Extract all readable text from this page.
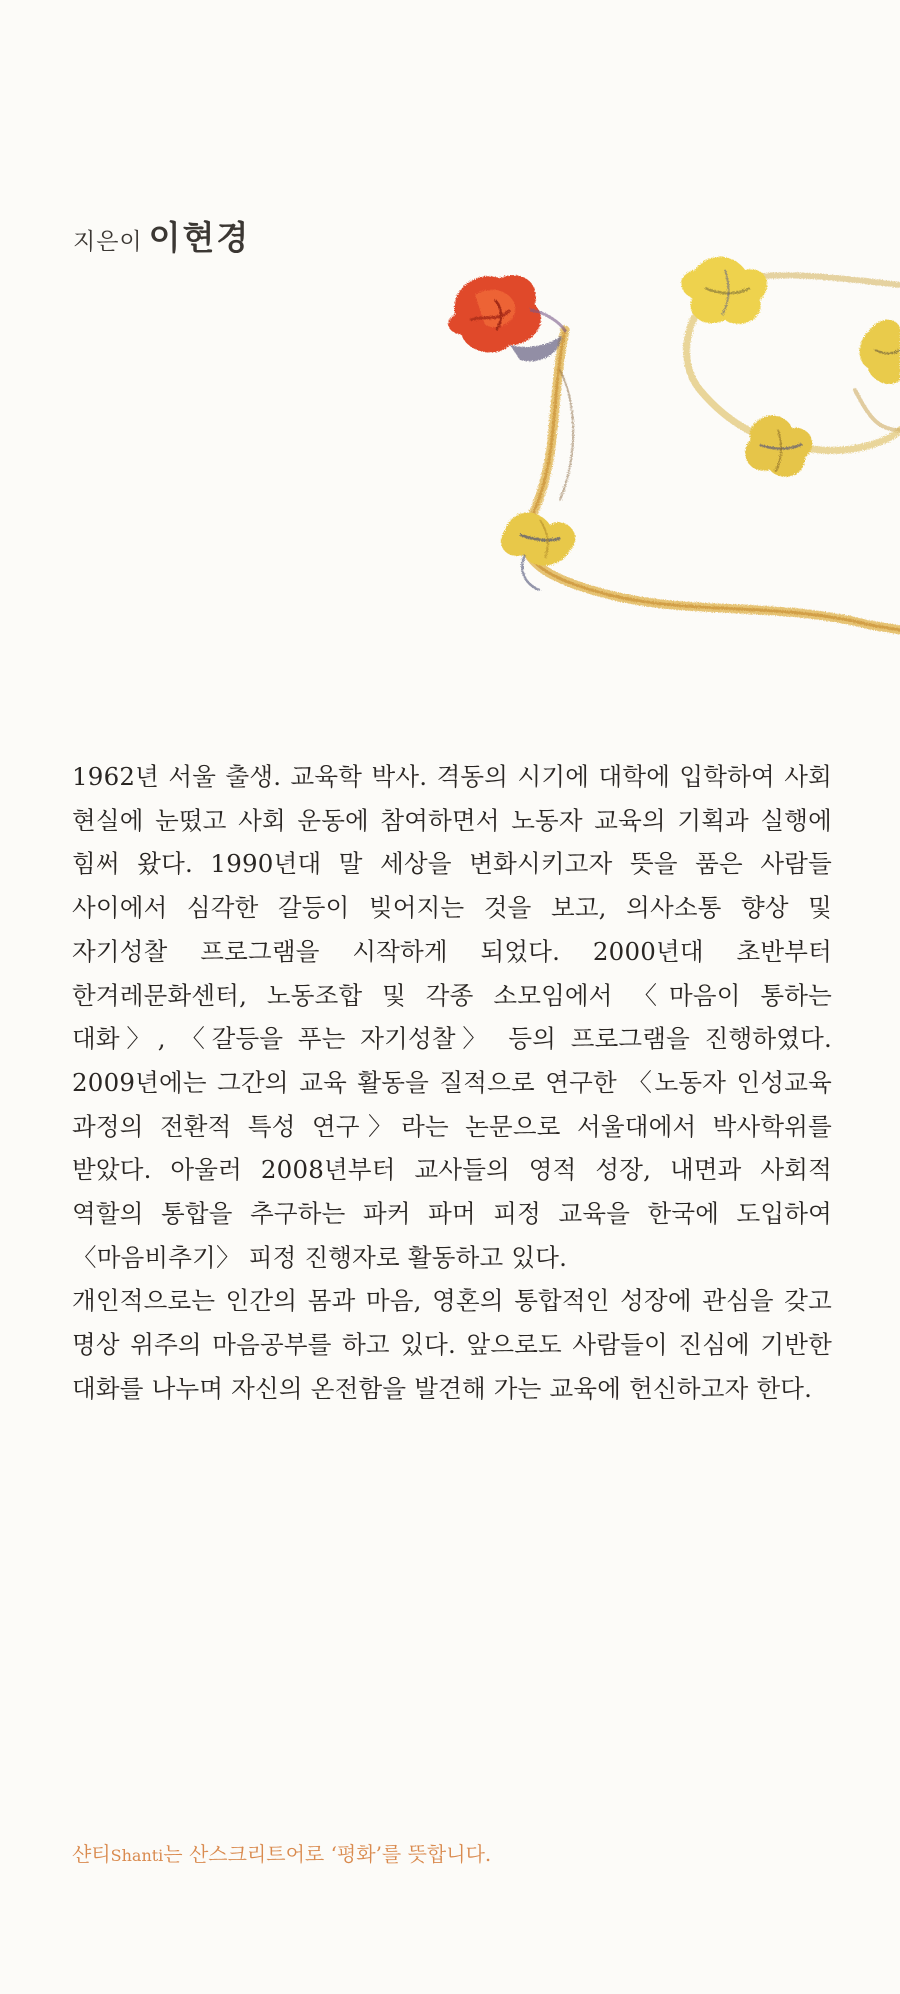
지은이 이현경

1962년 서울 출생. 교육학 박사. 격동의 시기에 대학에 입학하여 사회 현실에 눈떴고 사회 운동에 참여하면서 노동자 교육의 기획과 실행에 힘써 왔다. 1990년대 말 세상을 변화시키고자 뜻을 품은 사람들 사이에서 심각한 갈등이 빚어지는 것을 보고, 의사소통 향상 및 자기성찰 프로그램을 시작하게 되었다. 2000년대 초반부터 한겨레문화센터, 노동조합 및 각종 소모임에서 〈마음이 통하는 대화〉, 〈갈등을 푸는 자기성찰〉 등의 프로그램을 진행하였다. 2009년에는 그간의 교육 활동을 질적으로 연구한 〈노동자 인성교육 과정의 전환적 특성 연구〉라는 논문으로 서울대에서 박사학위를 받았다. 아울러 2008년부터 교사들의 영적 성장, 내면과 사회적 역할의 통합을 추구하는 파커 파머 피정 교육을 한국에 도입하여 〈마음비추기〉 피정 진행자로 활동하고 있다.

개인적으로는 인간의 몸과 마음, 영혼의 통합적인 성장에 관심을 갖고 명상 위주의 마음공부를 하고 있다. 앞으로도 사람들이 진심에 기반한 대화를 나누며 자신의 온전함을 발견해 가는 교육에 헌신하고자 한다.

샨티Shanti는 산스크리트어로 ‘평화’를 뜻합니다.
